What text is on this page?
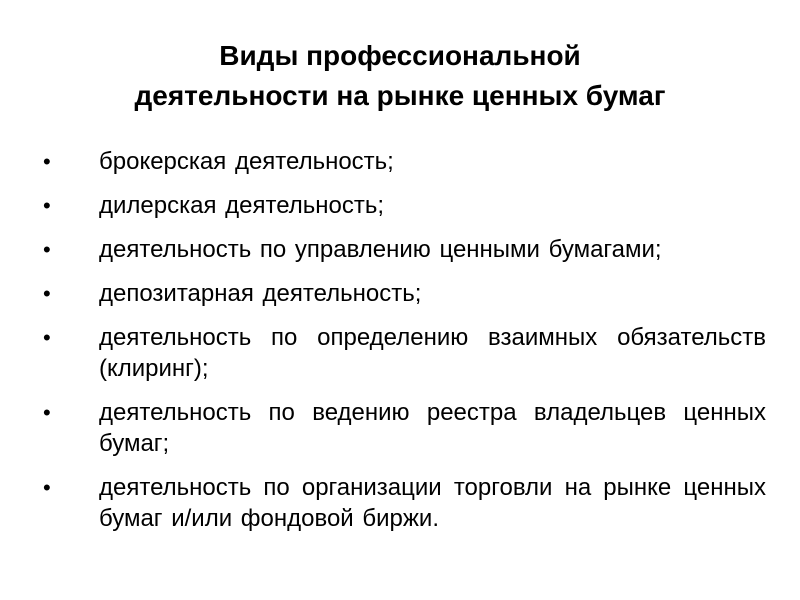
Виды профессиональной
деятельности на рынке ценных бумаг
• брокерская деятельность;
• дилерская деятельность;
• деятельность по управлению ценными бумагами;
• депозитарная деятельность;
• деятельность по определению взаимных обязательств (клиринг);
• деятельность по ведению реестра владельцев ценных бумаг;
• деятельность по организации торговли на рынке ценных бумаг и/или фондовой биржи.
